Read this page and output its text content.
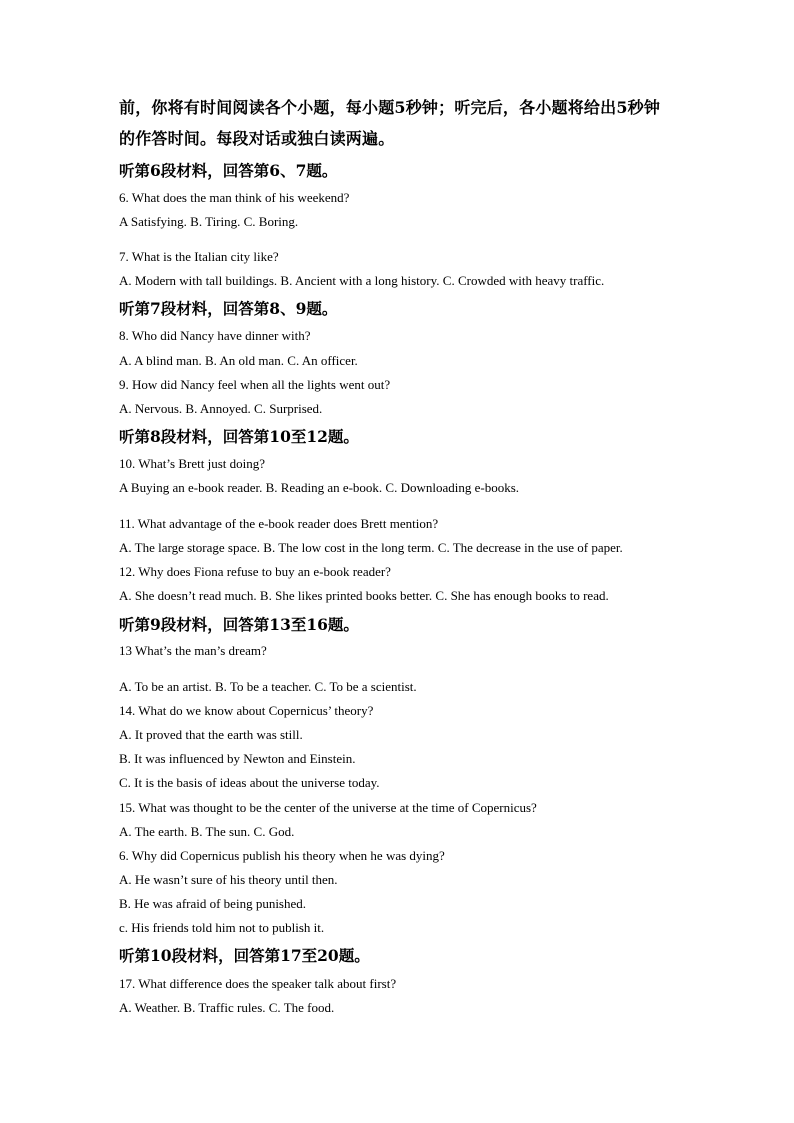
前，你将有时间阅读各个小题，每小题5秒钟；听完后，各小题将给出5秒钟
的作答时间。每段对话或独白读两遍。
听第6段材料，回答第6、7题。
6. What does the man think of his weekend?
A Satisfying. B. Tiring. C. Boring.
7. What is the Italian city like?
A. Modern with tall buildings. B. Ancient with a long history. C. Crowded with heavy traffic.
听第7段材料，回答第8、9题。
8. Who did Nancy have dinner with?
A. A blind man. B. An old man. C. An officer.
9. How did Nancy feel when all the lights went out?
A. Nervous. B. Annoyed. C. Surprised.
听第8段材料，回答第10至12题。
10. What’s Brett just doing?
A Buying an e-book reader. B. Reading an e-book. C. Downloading e-books.
11. What advantage of the e-book reader does Brett mention?
A. The large storage space. B. The low cost in the long term. C. The decrease in the use of paper.
12. Why does Fiona refuse to buy an e-book reader?
A. She doesn’t read much. B. She likes printed books better. C. She has enough books to read.
听第9段材料，回答第13至16题。
13 What’s the man’s dream?
A. To be an artist. B. To be a teacher. C. To be a scientist.
14. What do we know about Copernicus’ theory?
A. It proved that the earth was still.
B. It was influenced by Newton and Einstein.
C. It is the basis of ideas about the universe today.
15. What was thought to be the center of the universe at the time of Copernicus?
A. The earth. B. The sun. C. God.
6. Why did Copernicus publish his theory when he was dying?
A. He wasn’t sure of his theory until then.
B. He was afraid of being punished.
c. His friends told him not to publish it.
听第10段材料，回答第17至20题。
17. What difference does the speaker talk about first?
A. Weather. B. Traffic rules. C. The food.
